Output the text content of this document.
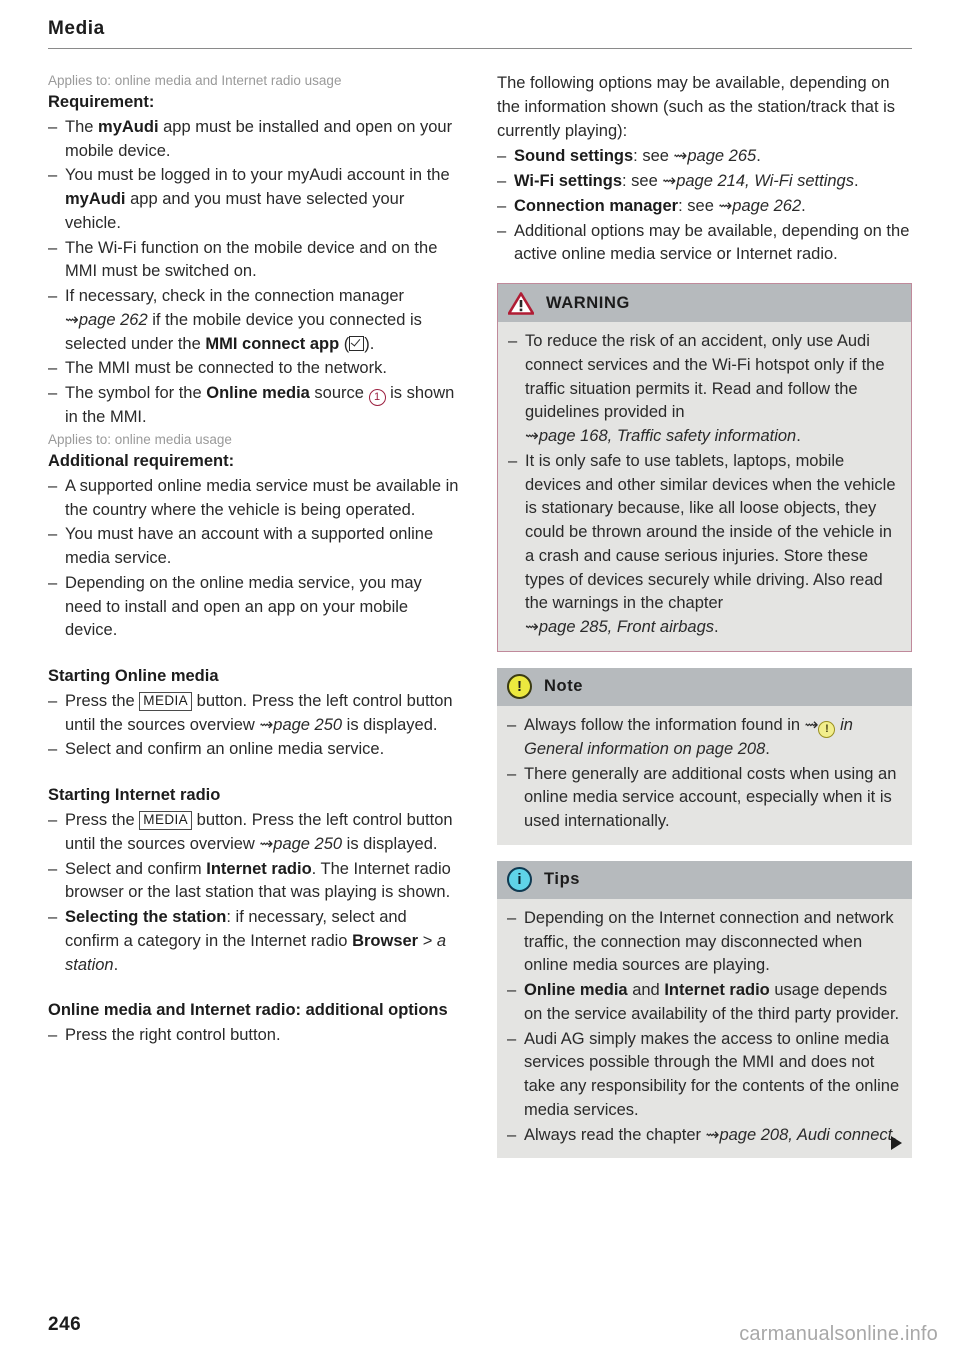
Media
Applies to: online media and Internet radio usage
Requirement:
– The myAudi app must be installed and open on your mobile device.
– You must be logged in to your myAudi account in the myAudi app and you must have selected your vehicle.
– The Wi-Fi function on the mobile device and on the MMI must be switched on.
– If necessary, check in the connection manager ⇝page 262 if the mobile device you connected is selected under the MMI connect app ( ).
– The MMI must be connected to the network.
– The symbol for the Online media source 1 is shown in the MMI.
Applies to: online media usage
Additional requirement:
– A supported online media service must be available in the country where the vehicle is being operated.
– You must have an account with a supported online media service.
– Depending on the online media service, you may need to install and open an app on your mobile device.
Starting Online media
– Press the MEDIA button. Press the left control button until the sources overview ⇝page 250 is displayed.
– Select and confirm an online media service.
Starting Internet radio
– Press the MEDIA button. Press the left control button until the sources overview ⇝page 250 is displayed.
– Select and confirm Internet radio. The Internet radio browser or the last station that was playing is shown.
– Selecting the station: if necessary, select and confirm a category in the Internet radio Browser > a station.
Online media and Internet radio: additional options
– Press the right control button.

The following options may be available, depending on the information shown (such as the station/track that is currently playing):

– Sound settings: see ⇝page 265.
– Wi-Fi settings: see ⇝page 214, Wi-Fi settings.
– Connection manager: see ⇝page 262.
– Additional options may be available, depending on the active online media service or Internet radio.
WARNING
– To reduce the risk of an accident, only use Audi connect services and the Wi-Fi hotspot only if the traffic situation permits it. Read and follow the guidelines provided in ⇝page 168, Traffic safety information.
– It is only safe to use tablets, laptops, mobile devices and other similar devices when the vehicle is stationary because, like all loose objects, they could be thrown around the inside of the vehicle in a crash and cause serious injuries. Store these types of devices securely while driving. Also read the warnings in the chapter ⇝page 285, Front airbags.
!	Note
– Always follow the information found in ⇝ ! in General information on page 208.
– There generally are additional costs when using an online media service account, especially when it is used internationally.
i	Tips
– Depending on the Internet connection and network traffic, the connection may disconnected when online media sources are playing.
– Online media and Internet radio usage depends on the service availability of the third party provider.
– Audi AG simply makes the access to online media services possible through the MMI and does not take any responsibility for the contents of the online media services.
– Always read the chapter ⇝page 208, Audi connect.
246	carmanualsonline.info
